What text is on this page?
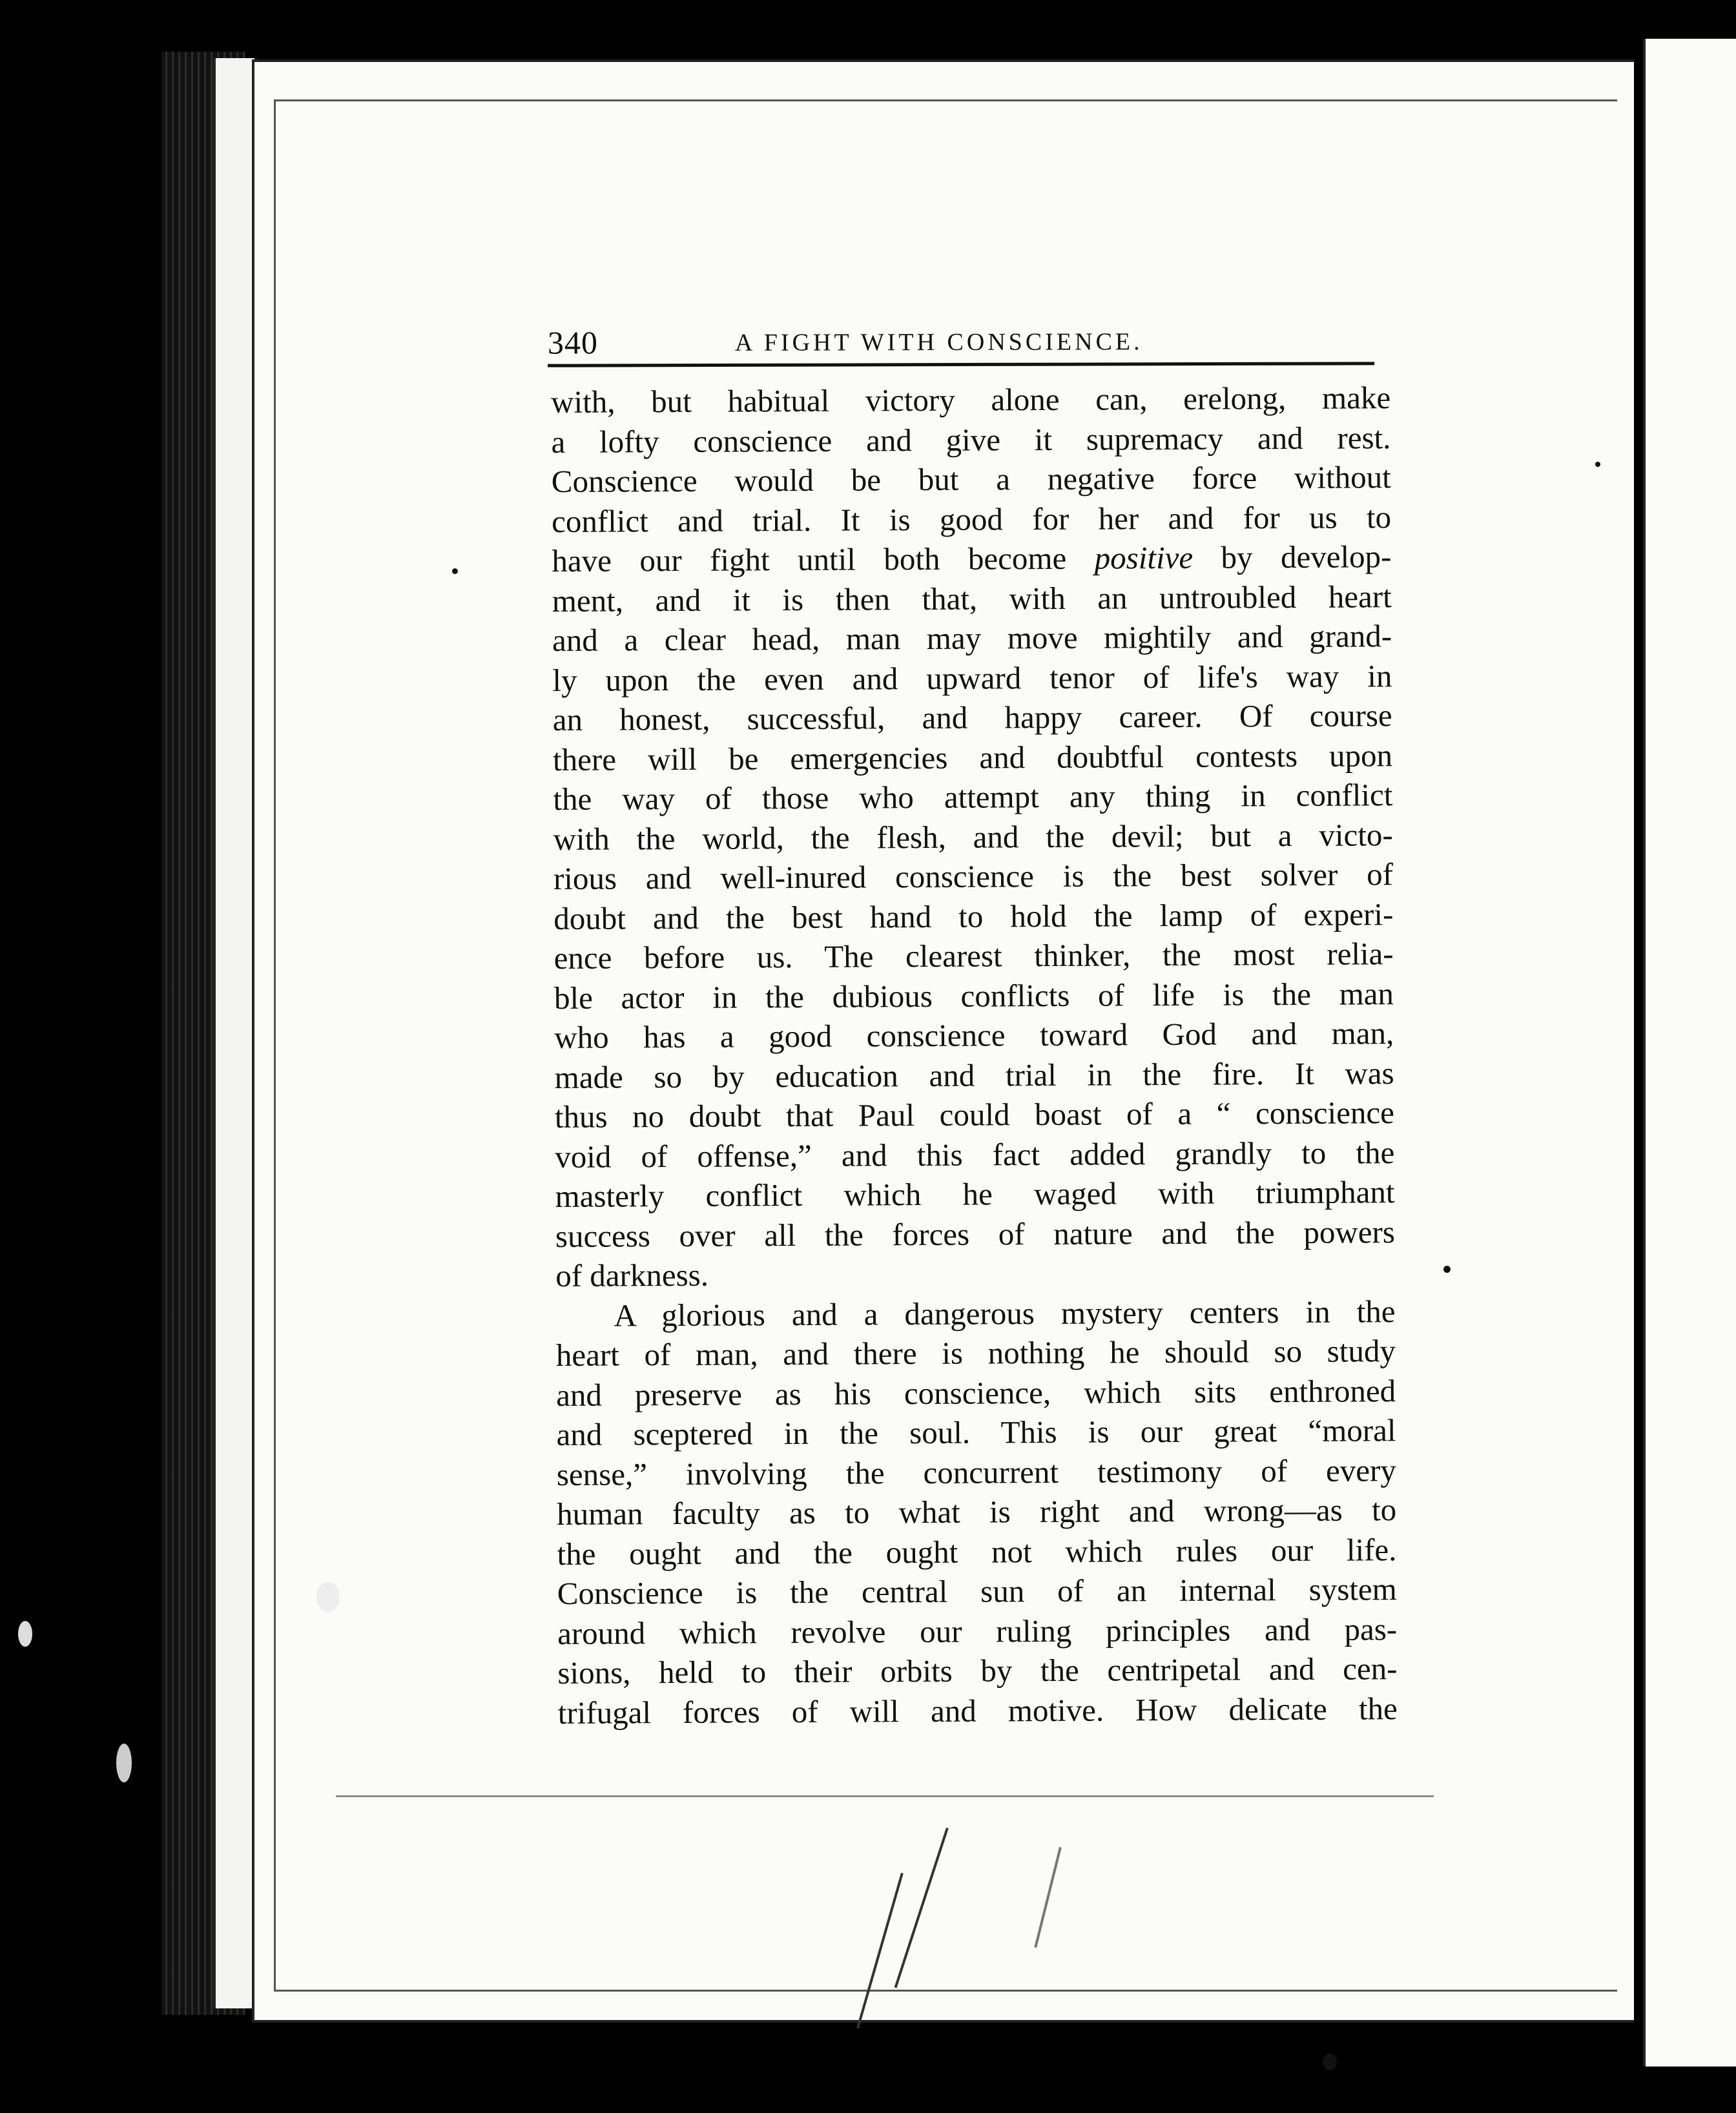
340	A FIGHT WITH CONSCIENCE.
with, but habitual victory alone can, erelong, make
a lofty conscience and give it supremacy and rest.
Conscience would be but a negative force without
conflict and trial. It is good for her and for us to
have our fight until both become positive by develop-
ment, and it is then that, with an untroubled heart
and a clear head, man may move mightily and grand-
ly upon the even and upward tenor of life's way in
an honest, successful, and happy career. Of course
there will be emergencies and doubtful contests upon
the way of those who attempt any thing in conflict
with the world, the flesh, and the devil; but a victo-
rious and well-inured conscience is the best solver of
doubt and the best hand to hold the lamp of experi-
ence before us. The clearest thinker, the most relia-
ble actor in the dubious conflicts of life is the man
who has a good conscience toward God and man,
made so by education and trial in the fire. It was
thus no doubt that Paul could boast of a “ conscience
void of offense,” and this fact added grandly to the
masterly conflict which he waged with triumphant
success over all the forces of nature and the powers
of darkness.
A glorious and a dangerous mystery centers in the
heart of man, and there is nothing he should so study
and preserve as his conscience, which sits enthroned
and sceptered in the soul. This is our great “moral
sense,” involving the concurrent testimony of every
human faculty as to what is right and wrong—as to
the ought and the ought not which rules our life.
Conscience is the central sun of an internal system
around which revolve our ruling principles and pas-
sions, held to their orbits by the centripetal and cen-
trifugal forces of will and motive. How delicate the
